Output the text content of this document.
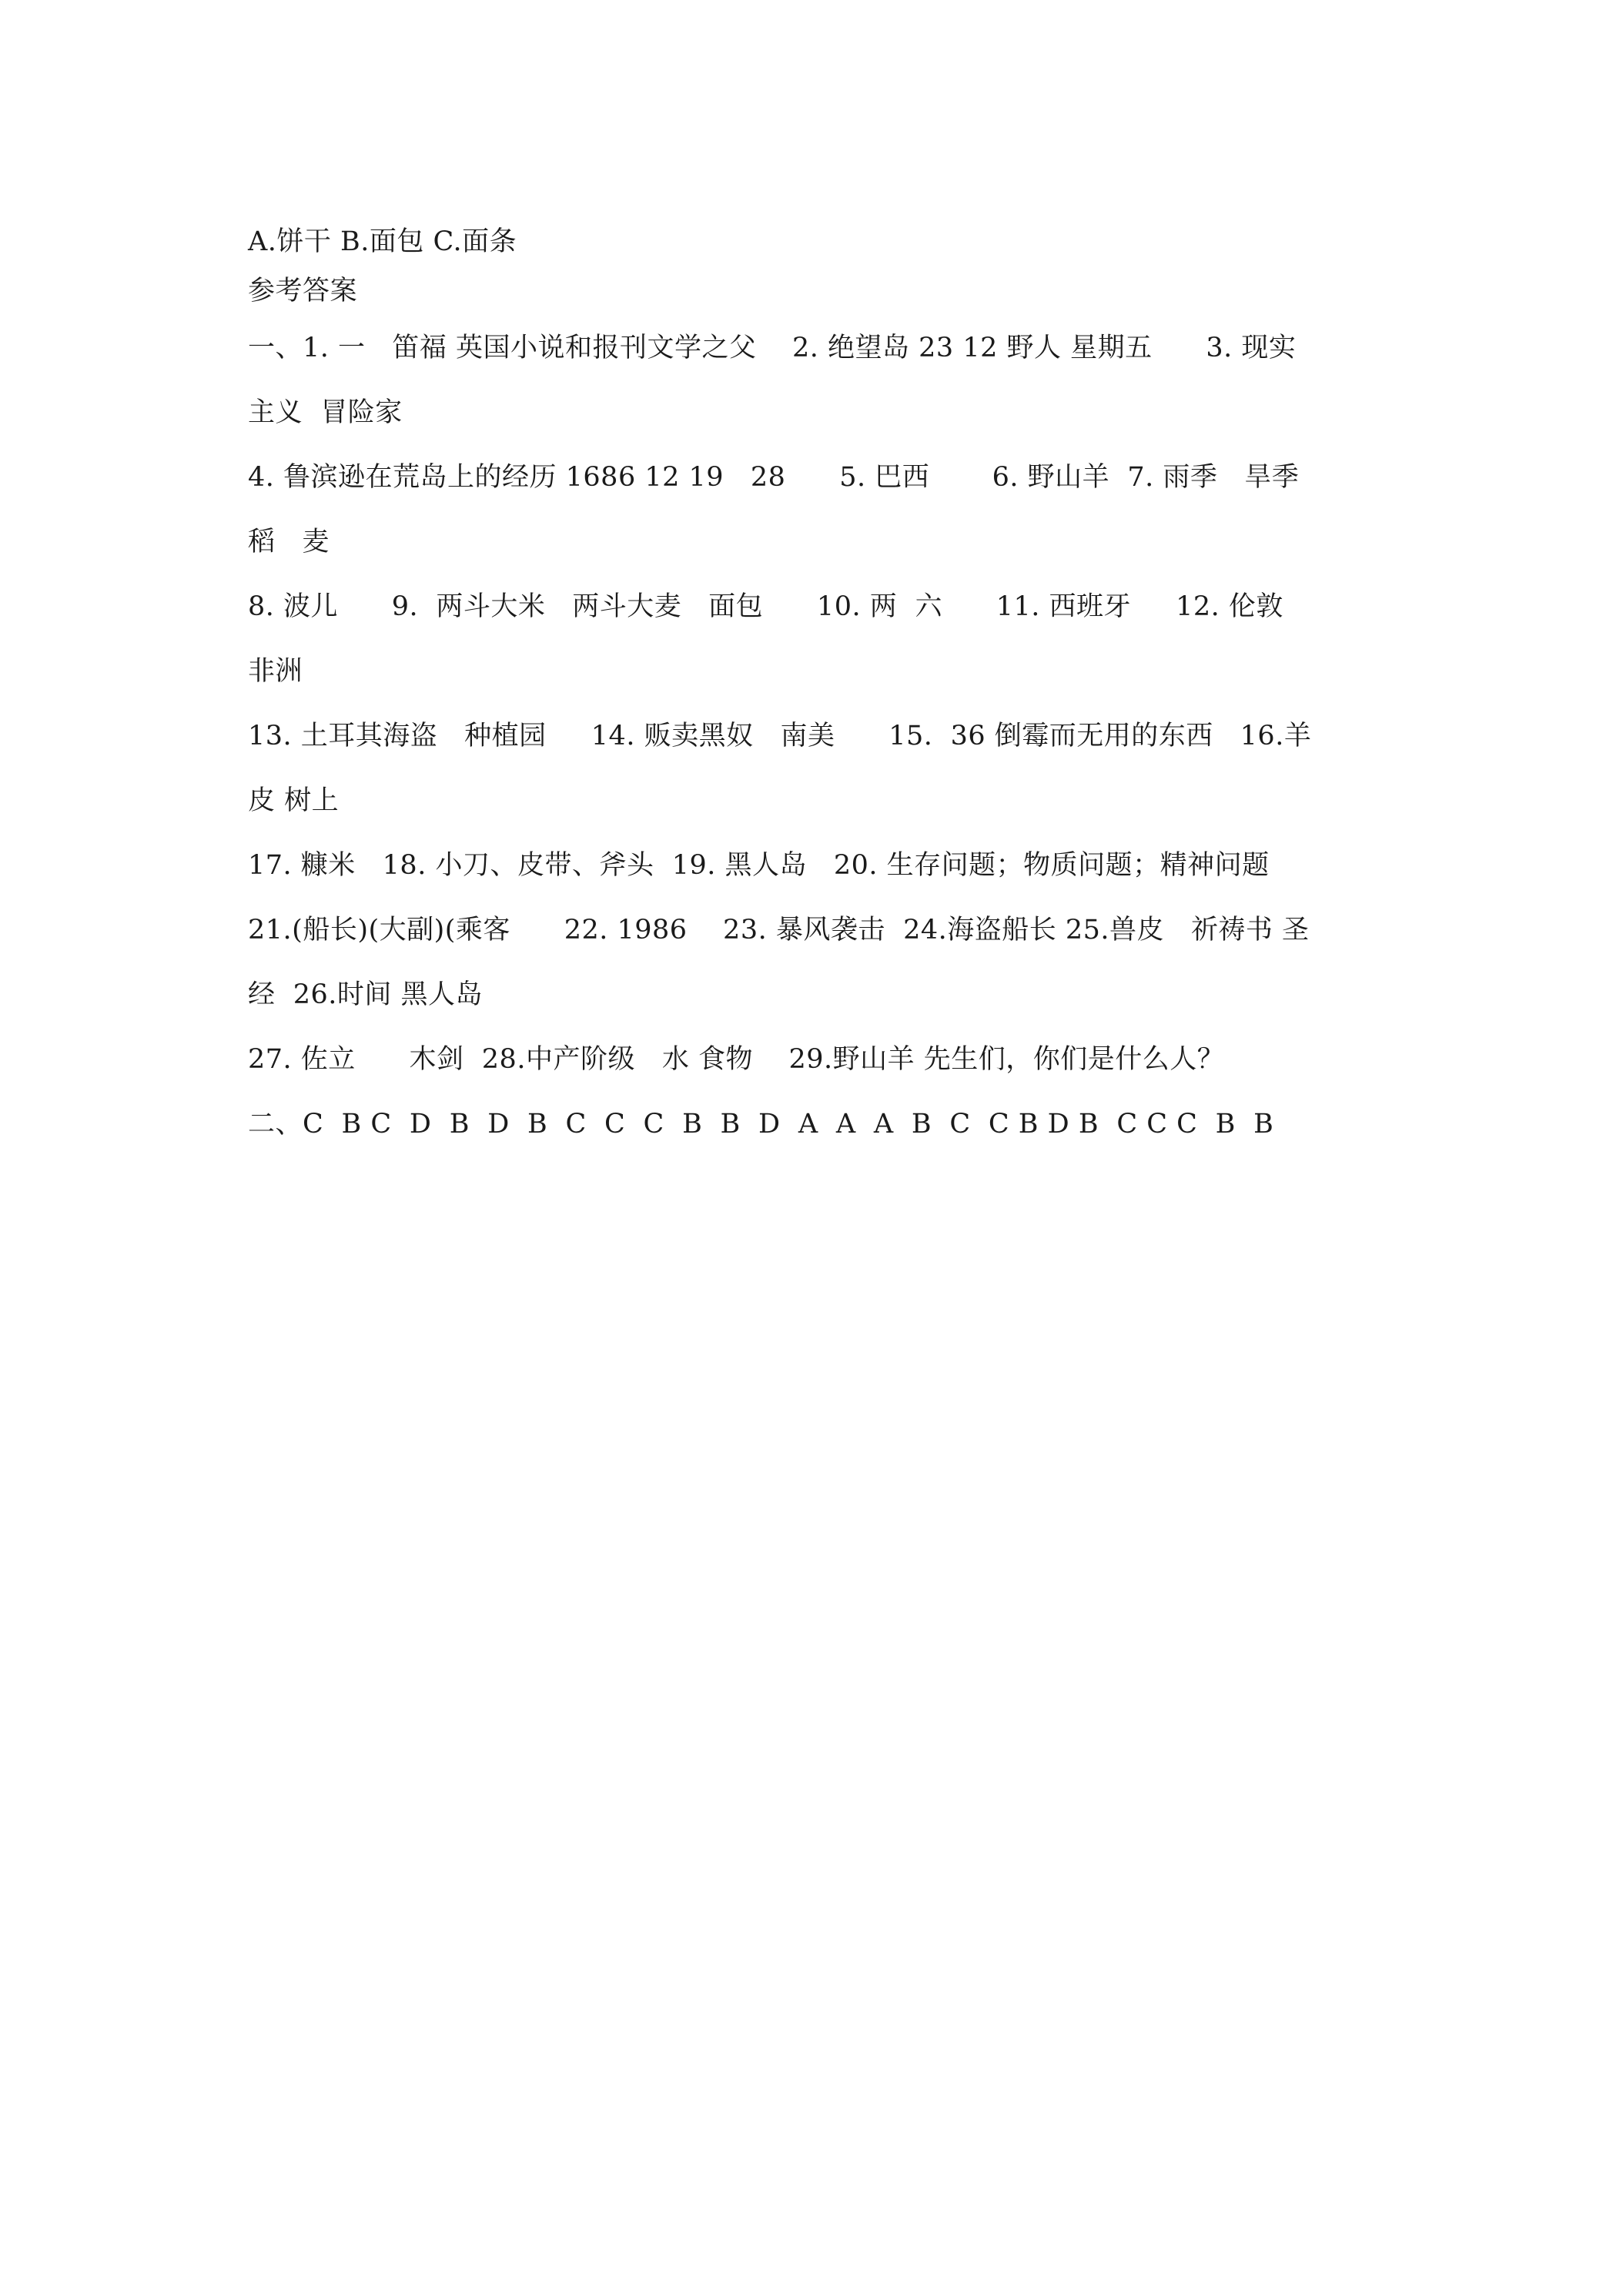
A.饼干 B.面包 C.面条
参考答案
一、1. 一   笛福 英国小说和报刊文学之父    2. 绝望岛 23 12 野人 星期五      3. 现实
主义  冒险家
4. 鲁滨逊在荒岛上的经历 1686 12 19   28      5. 巴西       6. 野山羊  7. 雨季   旱季
稻   麦
8. 波儿      9.  两斗大米   两斗大麦   面包      10. 两  六      11. 西班牙     12. 伦敦
非洲
13. 土耳其海盗   种植园     14. 贩卖黑奴   南美      15.  36 倒霉而无用的东西   16.羊
皮 树上
17. 糠米   18. 小刀、皮带、斧头  19. 黑人岛   20. 生存问题；物质问题；精神问题
21.(船长)(大副)(乘客      22. 1986    23. 暴风袭击  24.海盗船长 25.兽皮   祈祷书 圣
经  26.时间 黑人岛
27. 佐立      木剑  28.中产阶级   水 食物    29.野山羊 先生们，你们是什么人？
二、C  B C  D  B  D  B  C  C  C  B  B  D  A  A  A  B  C  C B D B  C C C  B  B
